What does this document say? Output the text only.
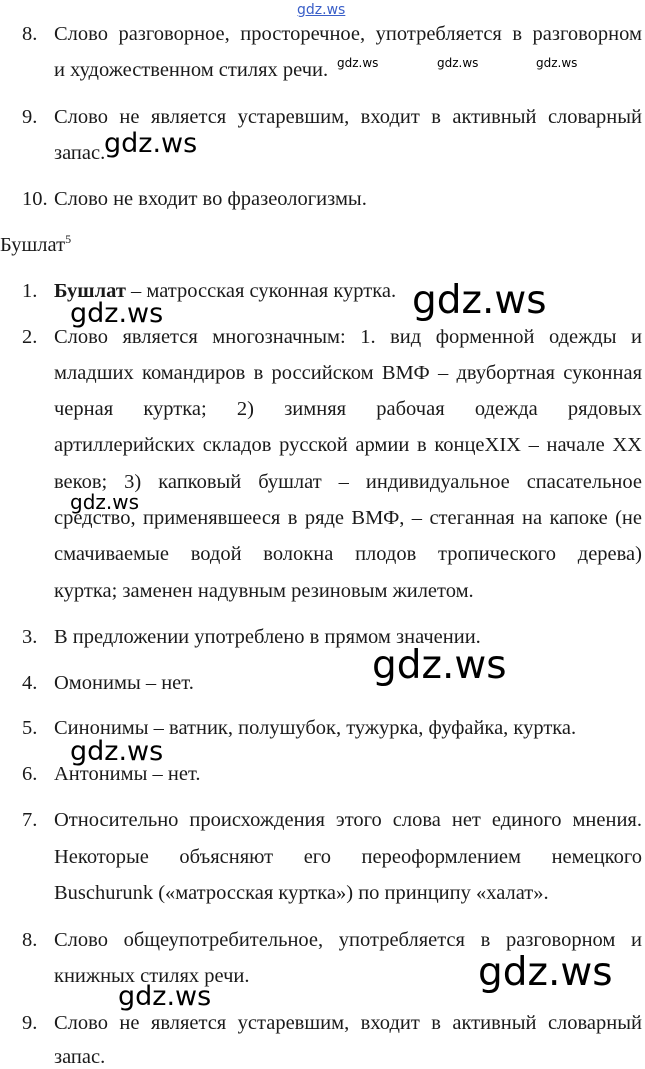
gdz.ws
8. Слово разговорное, просторечное, употребляется в разговорном
и художественном стилях речи.
9. Слово не является устаревшим, входит в активный словарный
запас.
10. Слово не входит во фразеологизмы.
Бушлат$^5$
1. Бушлат – матросская суконная куртка.
2. Слово является многозначным: 1. вид форменной одежды и
младших командиров в российском ВМФ – двубортная суконная
черная куртка; 2) зимняя рабочая одежда рядовых
артиллерийских складов русской армии в концеXIX – начале XX
веков; 3) капковый бушлат – индивидуальное спасательное
средство, применявшееся в ряде ВМФ, – стеганная на капоке (не
смачиваемые водой волокна плодов тропического дерева)
куртка; заменен надувным резиновым жилетом.
3. В предложении употреблено в прямом значении.
4. Омонимы – нет.
5. Синонимы – ватник, полушубок, тужурка, фуфайка, куртка.
6. Антонимы – нет.
7. Относительно происхождения этого слова нет единого мнения.
Некоторые объясняют его переоформлением немецкого
Buschurunk («матросская куртка») по принципу «халат».
8. Слово общеупотребительное, употребляется в разговорном и
книжных стилях речи.
9. Слово не является устаревшим, входит в активный словарный
запас.
gdz.ws	gdz.ws	gdz.ws
gdz.ws
gdz.ws
gdz.ws
gdz.ws
gdz.ws
gdz.ws
gdz.ws
gdz.ws
